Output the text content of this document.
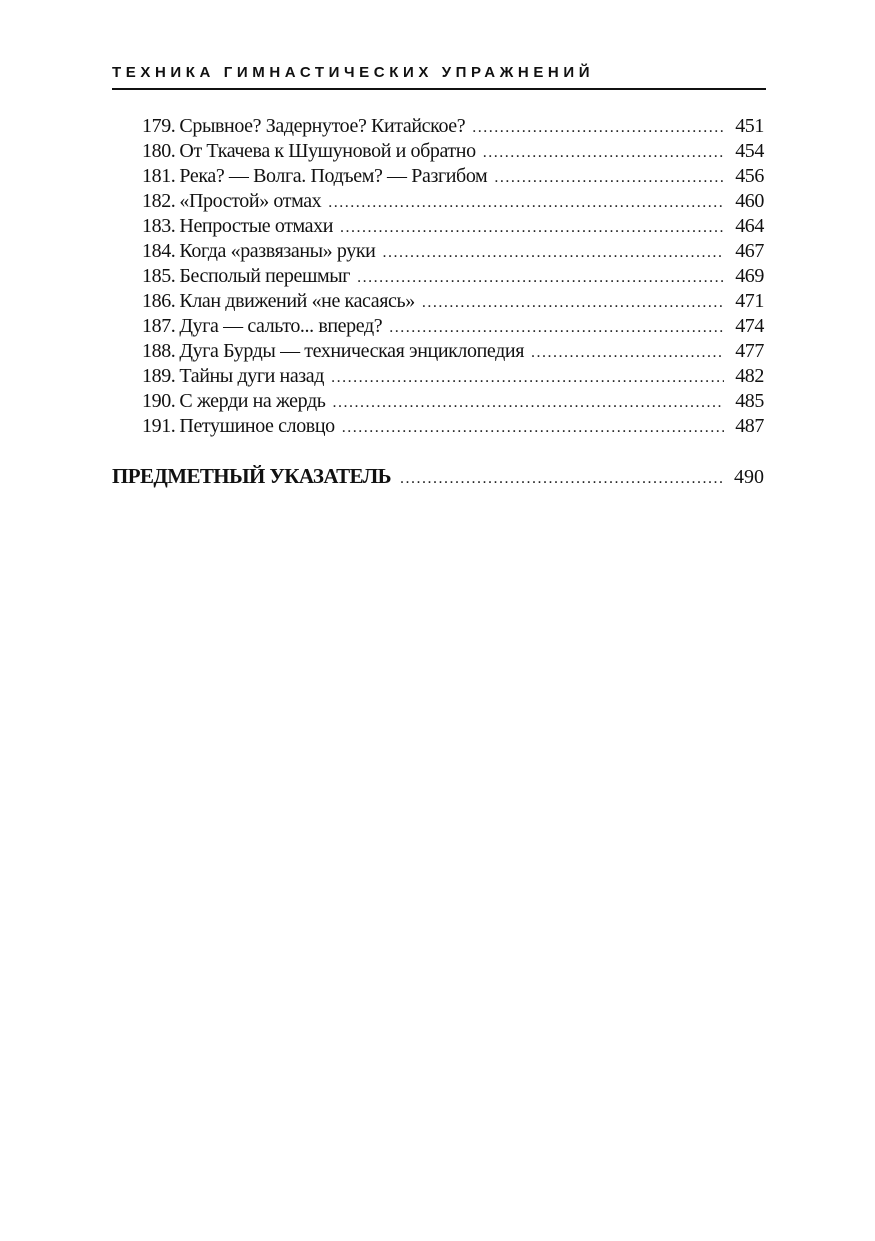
ТЕХНИКА ГИМНАСТИЧЕСКИХ УПРАЖНЕНИЙ
179. Срывное? Задернутое? Китайское? .....	451
180. От Ткачева к Шушуновой и обратно .....	454
181. Река? — Волга. Подъем? — Разгибом .....	456
182. «Простой» отмах .....	460
183. Непростые отмахи .....	464
184. Когда «развязаны» руки .....	467
185. Бесполый перешмыг .....	469
186. Клан движений «не касаясь» .....	471
187. Дуга — сальто... вперед? .....	474
188. Дуга Бурды — техническая энциклопедия .....	477
189. Тайны дуги назад .....	482
190. С жерди на жердь .....	485
191. Петушиное словцо .....	487
ПРЕДМЕТНЫЙ УКАЗАТЕЛЬ .....	490
